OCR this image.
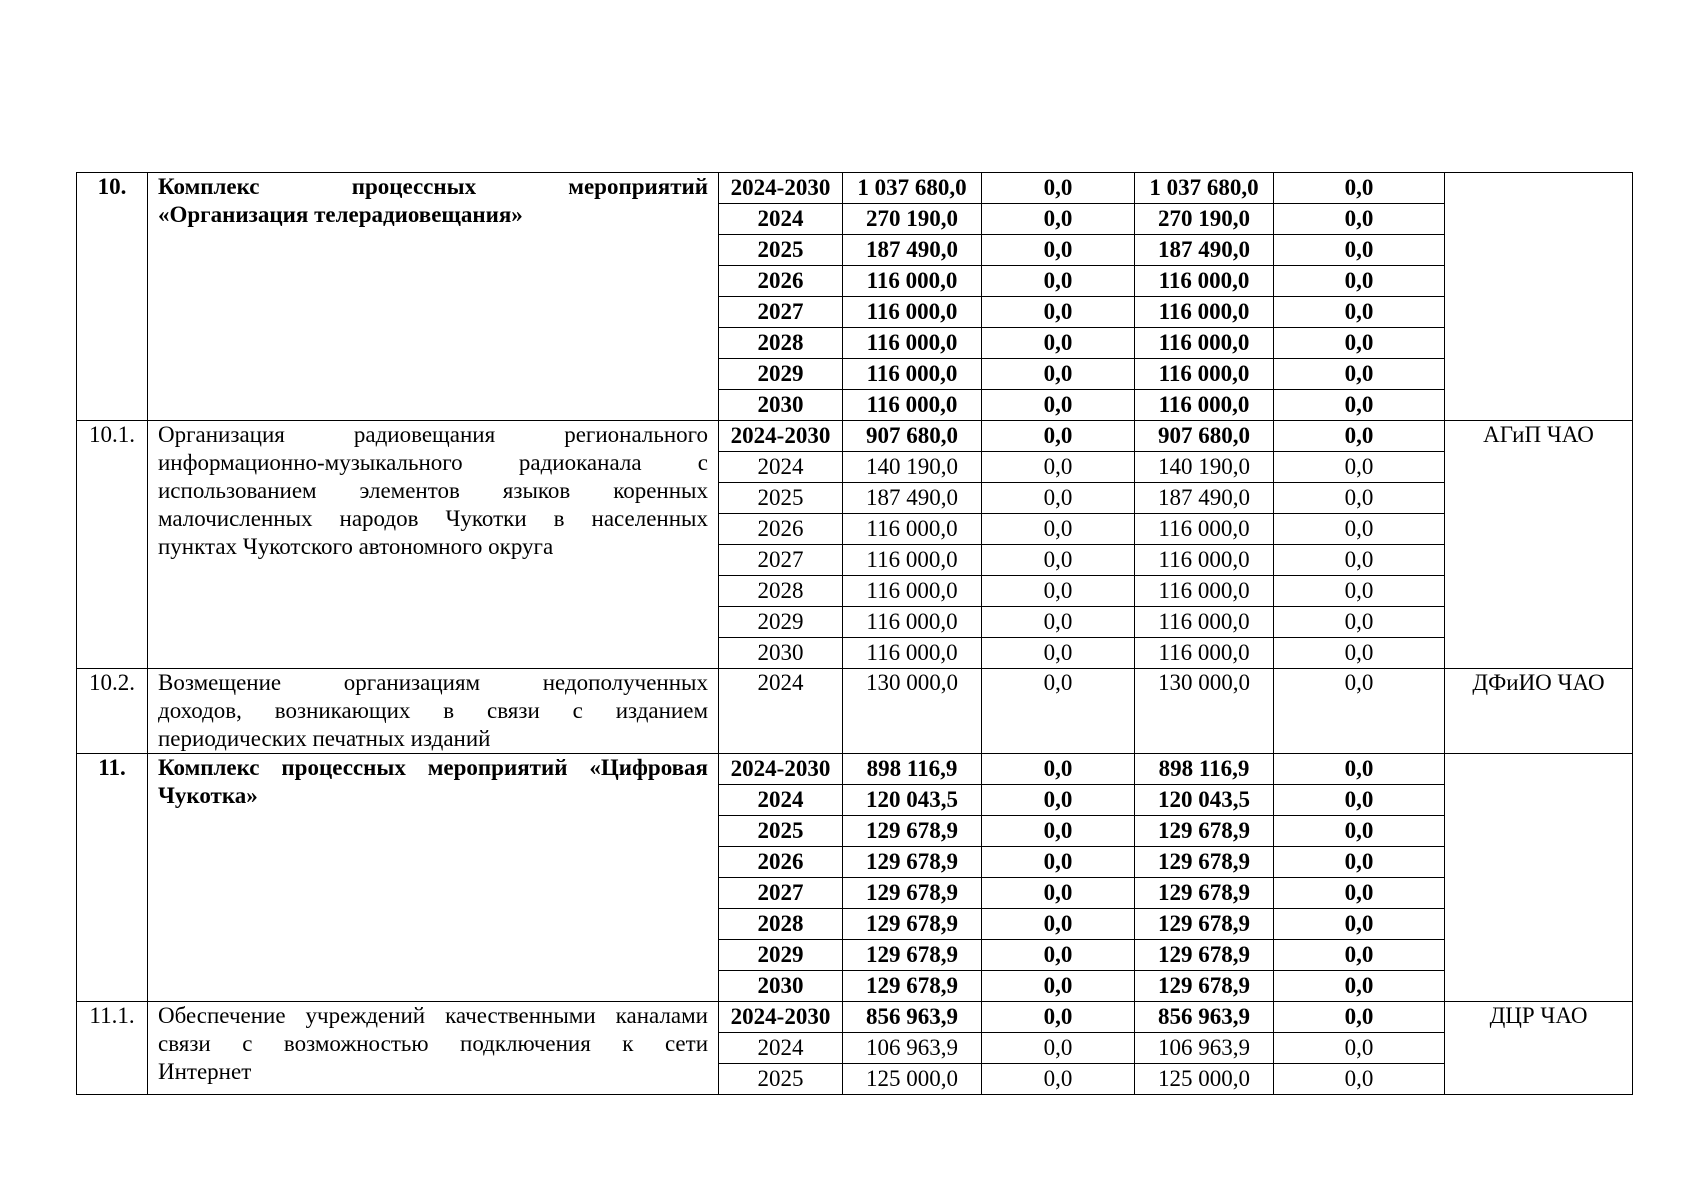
10.	Комплекс процессных мероприятий
«Организация телерадиовещания»	2024-2030	1 037 680,0	0,0	1 037 680,0	0,0	
		2024	270 190,0	0,0	270 190,0	0,0	
		2025	187 490,0	0,0	187 490,0	0,0	
		2026	116 000,0	0,0	116 000,0	0,0	
		2027	116 000,0	0,0	116 000,0	0,0	
		2028	116 000,0	0,0	116 000,0	0,0	
		2029	116 000,0	0,0	116 000,0	0,0	
		2030	116 000,0	0,0	116 000,0	0,0	
10.1.	Организация радиовещания регионального
информационно-музыкального радиоканала с
использованием элементов языков коренных
малочисленных народов Чукотки в населенных
пунктах Чукотского автономного округа	2024-2030	907 680,0	0,0	907 680,0	0,0	АГиП ЧАО
		2024	140 190,0	0,0	140 190,0	0,0	
		2025	187 490,0	0,0	187 490,0	0,0	
		2026	116 000,0	0,0	116 000,0	0,0	
		2027	116 000,0	0,0	116 000,0	0,0	
		2028	116 000,0	0,0	116 000,0	0,0	
		2029	116 000,0	0,0	116 000,0	0,0	
		2030	116 000,0	0,0	116 000,0	0,0	
10.2.	Возмещение организациям недополученных
доходов, возникающих в связи с изданием
периодических печатных изданий	2024	130 000,0	0,0	130 000,0	0,0	ДФиИО ЧАО
11.	Комплекс процессных мероприятий «Цифровая
Чукотка»	2024-2030	898 116,9	0,0	898 116,9	0,0	
		2024	120 043,5	0,0	120 043,5	0,0	
		2025	129 678,9	0,0	129 678,9	0,0	
		2026	129 678,9	0,0	129 678,9	0,0	
		2027	129 678,9	0,0	129 678,9	0,0	
		2028	129 678,9	0,0	129 678,9	0,0	
		2029	129 678,9	0,0	129 678,9	0,0	
		2030	129 678,9	0,0	129 678,9	0,0	
11.1.	Обеспечение учреждений качественными каналами
связи с возможностью подключения к сети
Интернет	2024-2030	856 963,9	0,0	856 963,9	0,0	ДЦР ЧАО
		2024	106 963,9	0,0	106 963,9	0,0	
		2025	125 000,0	0,0	125 000,0	0,0	
